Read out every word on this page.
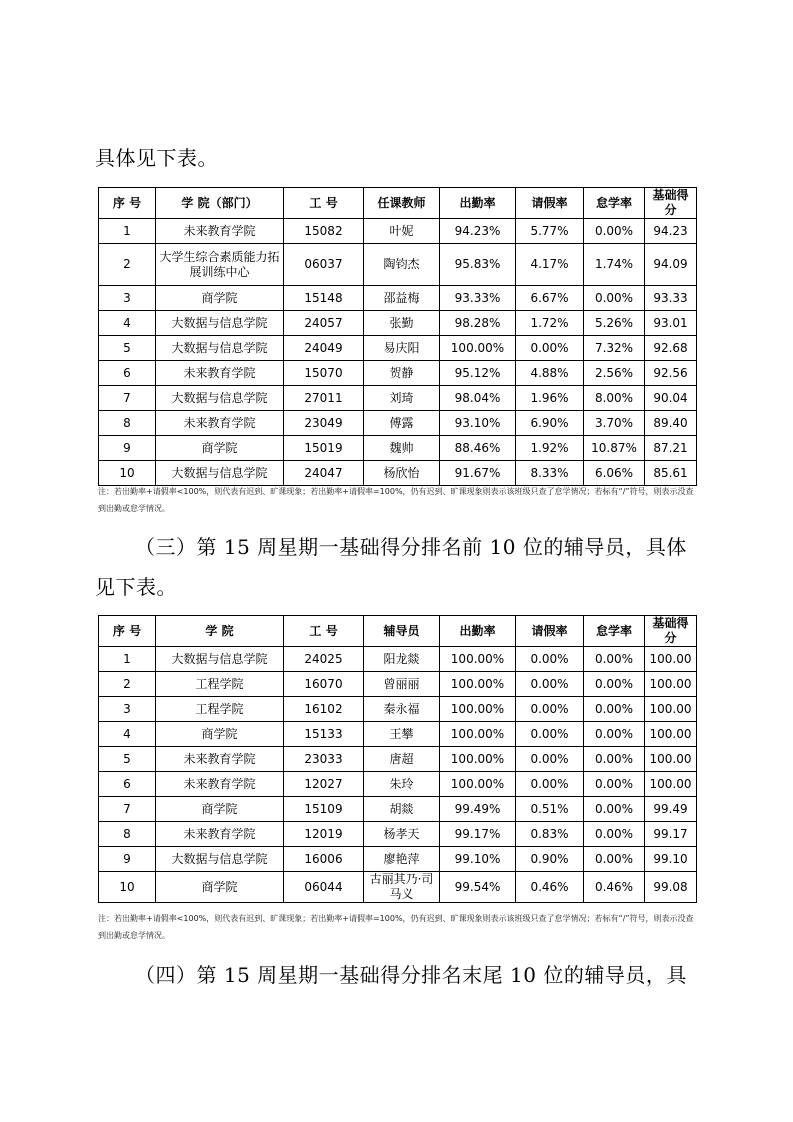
具体见下表。
序 号	学 院（部门）	工 号	任课教师	出勤率	请假率	怠学率	基础得分
1	未来教育学院	15082	叶妮	94.23%	5.77%	0.00%	94.23
2	大学生综合素质能力拓展训练中心	06037	陶钧杰	95.83%	4.17%	1.74%	94.09
3	商学院	15148	邵益梅	93.33%	6.67%	0.00%	93.33
4	大数据与信息学院	24057	张勤	98.28%	1.72%	5.26%	93.01
5	大数据与信息学院	24049	易庆阳	100.00%	0.00%	7.32%	92.68
6	未来教育学院	15070	贺静	95.12%	4.88%	2.56%	92.56
7	大数据与信息学院	27011	刘琦	98.04%	1.96%	8.00%	90.04
8	未来教育学院	23049	傅露	93.10%	6.90%	3.70%	89.40
9	商学院	15019	魏帅	88.46%	1.92%	10.87%	87.21
10	大数据与信息学院	24047	杨欣怡	91.67%	8.33%	6.06%	85.61
注：若出勤率+请假率<100%，则代表有迟到、旷课现象；若出勤率+请假率=100%，仍有迟到、旷课现象则表示该班级只查了怠学情况；若标有“/”符号，则表示没查到出勤或怠学情况。
（三）第 15 周星期一基础得分排名前 10 位的辅导员，具体见下表。
序 号	学 院	工 号	辅导员	出勤率	请假率	怠学率	基础得分
1	大数据与信息学院	24025	阳龙燚	100.00%	0.00%	0.00%	100.00
2	工程学院	16070	曾丽丽	100.00%	0.00%	0.00%	100.00
3	工程学院	16102	秦永福	100.00%	0.00%	0.00%	100.00
4	商学院	15133	王攀	100.00%	0.00%	0.00%	100.00
5	未来教育学院	23033	唐超	100.00%	0.00%	0.00%	100.00
6	未来教育学院	12027	朱玲	100.00%	0.00%	0.00%	100.00
7	商学院	15109	胡燚	99.49%	0.51%	0.00%	99.49
8	未来教育学院	12019	杨孝天	99.17%	0.83%	0.00%	99.17
9	大数据与信息学院	16006	廖艳萍	99.10%	0.90%	0.00%	99.10
10	商学院	06044	古丽其乃·司马义	99.54%	0.46%	0.46%	99.08
注：若出勤率+请假率<100%，则代表有迟到、旷课现象；若出勤率+请假率=100%，仍有迟到、旷课现象则表示该班级只查了怠学情况；若标有“/”符号，则表示没查到出勤或怠学情况。
（四）第 15 周星期一基础得分排名末尾 10 位的辅导员，具
